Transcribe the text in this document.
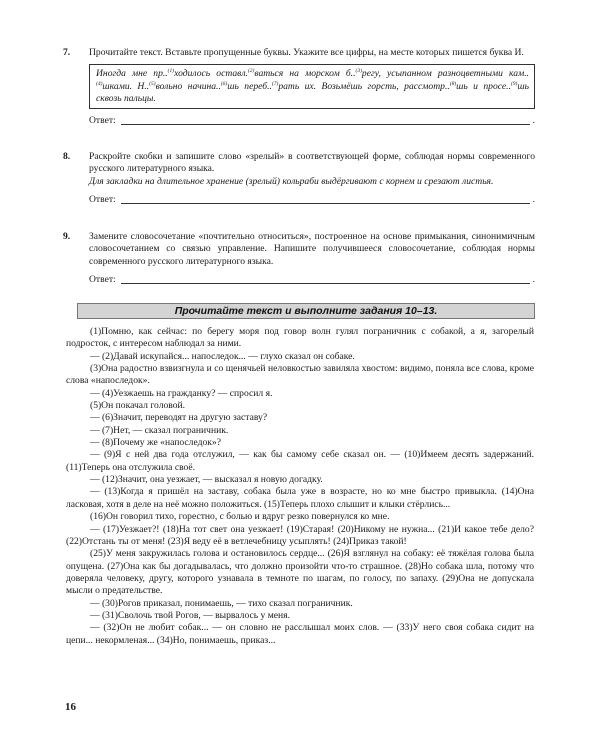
7. Прочитайте текст. Вставьте пропущенные буквы. Укажите все цифры, на месте которых пишется буква И.

Иногда мне пр..$^{(1)}$ходилось оставл.$^{(2)}$ваться на морском б..$^{(3)}$регу, усыпанном разноцветными кам..$^{(4)}$шками. Н..$^{(5)}$вольно начина..$^{(6)}$шь переб..$^{(7)}$рать их. Возьмёшь горсть, рассмотр..$^{(8)}$шь и просе..$^{(9)}$шь сквозь пальцы.
Ответ:	.
8. Раскройте скобки и запишите слово «зрелый» в соответствующей форме, соблюдая нормы современного русского литературного языка.

Для закладки на длительное хранение (зрелый) кольраби выдёргивают с корнем и срезают листья.

Ответ:	.
9. Замените словосочетание «почтительно относиться», построенное на основе примыкания, синонимичным словосочетанием со связью управление. Напишите получившееся словосочетание, соблюдая нормы современного русского литературного языка.

Ответ:	.
Прочитайте текст и выполните задания 10–13.

(1)Помню, как сейчас: по берегу моря под говор волн гулял пограничник с собакой, а я, загорелый подросток, с интересом наблюдал за ними.

— (2)Давай искупайся... напоследок... — глухо сказал он собаке.

(3)Она радостно взвизгнула и со щенячьей неловкостью завиляла хвостом: видимо, поняла все слова, кроме слова «напоследок».

— (4)Уезжаешь на гражданку? — спросил я.

(5)Он покачал головой.

— (6)Значит, переводят на другую заставу?

— (7)Нет, — сказал пограничник.

— (8)Почему же «напоследок»?

— (9)Я с ней два года отслужил, — как бы самому себе сказал он. — (10)Имеем десять задержаний. (11)Теперь она отслужила своё.

— (12)Значит, она уезжает, — высказал я новую догадку.

— (13)Когда я пришёл на заставу, собака была уже в возрасте, но ко мне быстро привыкла. (14)Она ласковая, хотя в деле на неё можно положиться. (15)Теперь плохо слышит и клыки стёрлись...

(16)Он говорил тихо, горестно, с болью и вдруг резко повернулся ко мне.

— (17)Уезжает?! (18)На тот свет она уезжает! (19)Старая! (20)Никому не нужна... (21)И какое тебе дело? (22)Отстань ты от меня! (23)Я веду её в ветлечебницу усыплять! (24)Приказ такой!

(25)У меня закружилась голова и остановилось сердце... (26)Я взглянул на собаку: её тяжёлая голова была опущена. (27)Она как бы догадывалась, что должно произойти что-то страшное. (28)Но собака шла, потому что доверяла человеку, другу, которого узнавала в темноте по шагам, по голосу, по запаху. (29)Она не допускала мысли о предательстве.

— (30)Рогов приказал, понимаешь, — тихо сказал пограничник.

— (31)Сволочь твой Рогов, — вырвалось у меня.

— (32)Он не любит собак... — он словно не расслышал моих слов. — (33)У него своя собака сидит на цепи... некормленая... (34)Но, понимаешь, приказ...

16
